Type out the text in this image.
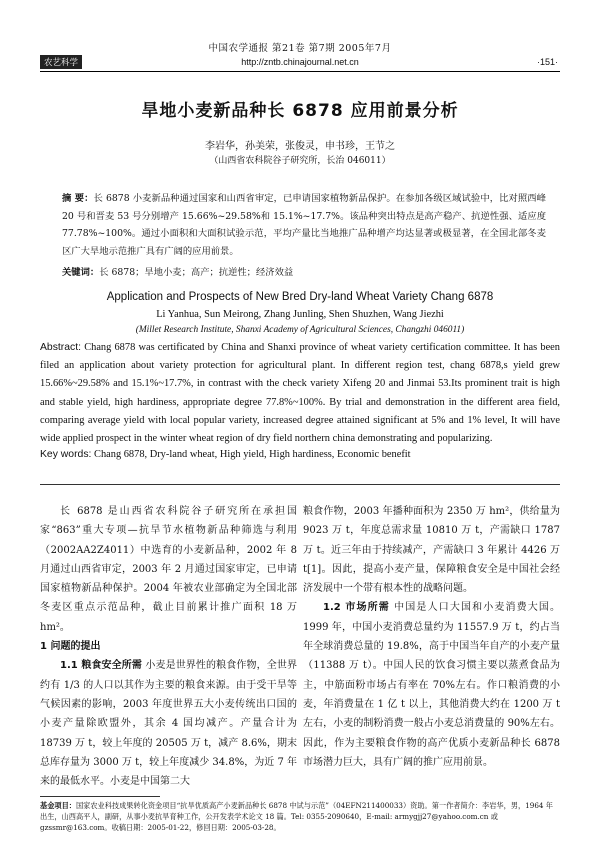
中国农学通报 第21卷 第7期 2005年7月
农艺科学	http://zntb.chinajournal.net.cn	·151·
旱地小麦新品种长 6878 应用前景分析
李岩华，孙美荣，张俊灵，申书珍，王节之
（山西省农科院谷子研究所，长治 046011）
摘 要：长 6878 小麦新品种通过国家和山西省审定，已申请国家植物新品保护。在参加各级区域试验中，比对照西峰 20 号和晋麦 53 号分别增产 15.66%~29.58%和 15.1%~17.7%。该品种突出特点是高产稳产、抗逆性强、适应度 77.78%~100%。通过小面积和大面积试验示范，平均产量比当地推广品种增产均达显著或极显著，在全国北部冬麦区广大旱地示范推广具有广阔的应用前景。
关键词：长 6878；旱地小麦；高产；抗逆性；经济效益
Application and Prospects of New Bred Dry-land Wheat Variety Chang 6878
Li Yanhua, Sun Meirong, Zhang Junling, Shen Shuzhen, Wang Jiezhi
(Millet Research Institute, Shanxi Academy of Agricultural Sciences, Changzhi 046011)
Abstract: Chang 6878 was certificated by China and Shanxi province of wheat variety certification committee. It has been filed an application about variety protection for agricultural plant. In different region test, chang 6878,s yield grew 15.66%~29.58% and 15.1%~17.7%, in contrast with the check variety Xifeng 20 and Jinmai 53.Its prominent trait is high and stable yield, high hardiness, appropriate degree 77.8%~100%. By trial and demonstration in the different area field, comparing average yield with local popular variety, increased degree attained significant at 5% and 1% level, It will have wide applied prospect in the winter wheat region of dry field northern china demonstrating and popularizing.
Key words: Chang 6878, Dry-land wheat, High yield, High hardiness, Economic benefit

长 6878 是山西省农科院谷子研究所在承担国家“863”重大专项—抗旱节水植物新品种筛选与利用（2002AA2Z4011）中选育的小麦新品种，2002 年 8 月通过山西省审定，2003 年 2 月通过国家审定，已申请国家植物新品种保护。2004 年被农业部确定为全国北部冬麦区重点示范品种，截止目前累计推广面积 18 万 hm²。

1 问题的提出

1.1 粮食安全所需 小麦是世界性的粮食作物，全世界约有 1/3 的人口以其作为主要的粮食来源。由于受干旱等气候因素的影响，2003 年度世界五大小麦传统出口国的小麦产量除欧盟外，其余 4 国均减产。产量合计为 18739 万 t，较上年度的 20505 万 t，减产 8.6%，期末总库存量为 3000 万 t，较上年度减少 34.8%，为近 7 年来的最低水平。小麦是中国第二大

粮食作物，2003 年播种面积为 2350 万 hm²，供给量为 9023 万 t，年度总需求量 10810 万 t，产需缺口 1787 万 t。近三年由于持续减产，产需缺口 3 年累计 4426 万 t[1]。因此，提高小麦产量，保障粮食安全是中国社会经济发展中一个带有根本性的战略问题。

1.2 市场所需 中国是人口大国和小麦消费大国。1999 年，中国小麦消费总量约为 11557.9 万 t，约占当年全球消费总量的 19.8%，高于中国当年自产的小麦产量（11388 万 t）。中国人民的饮食习惯主要以蒸煮食品为主，中筋面粉市场占有率在 70%左右。作口粮消费的小麦，年消费量在 1 亿 t 以上，其他消费大约在 1200 万 t 左右，小麦的制粉消费一般占小麦总消费量的 90%左右。因此，作为主要粮食作物的高产优质小麦新品种长 6878 市场潜力巨大，具有广阔的推广应用前景。

基金项目：国家农业科技成果转化资金项目“抗旱优质高产小麦新品种长 6878 中试与示范”（04EFN211400033）资助。第一作者简介：李岩华，男，1964 年出生，山西高平人，副研，从事小麦抗旱育种工作，公开发表学术论文 18 篇。Tel: 0355-2090640，E-mail: armygjj27@yahoo.com.cn 或 gzssmr@163.com。收稿日期：2005-01-22，修回日期：2005-03-28。
